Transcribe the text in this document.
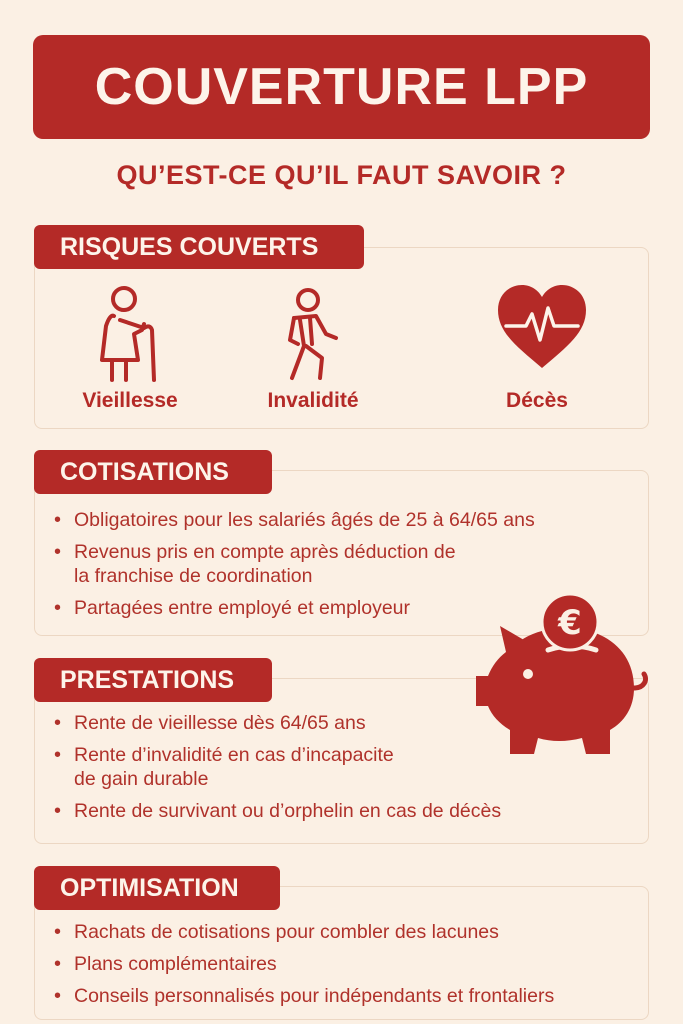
COUVERTURE LPP
QU’EST-CE QU’IL FAUT SAVOIR ?
RISQUES COUVERTS
Vieillesse	Invalidité	Décès
COTISATIONS
• Obligatoires pour les salariés âgés de 25 à 64/65 ans
• Revenus pris en compte après déduction de
la franchise de coordination
• Partagées entre employé et employeur
PRESTATIONS
• Rente de vieillesse dès 64/65 ans
• Rente d’invalidité en cas d’incapacite
de gain durable
• Rente de survivant ou d’orphelin en cas de décès
€
OPTIMISATION
• Rachats de cotisations pour combler des lacunes
• Plans complémentaires
• Conseils personnalisés pour indépendants et frontaliers
